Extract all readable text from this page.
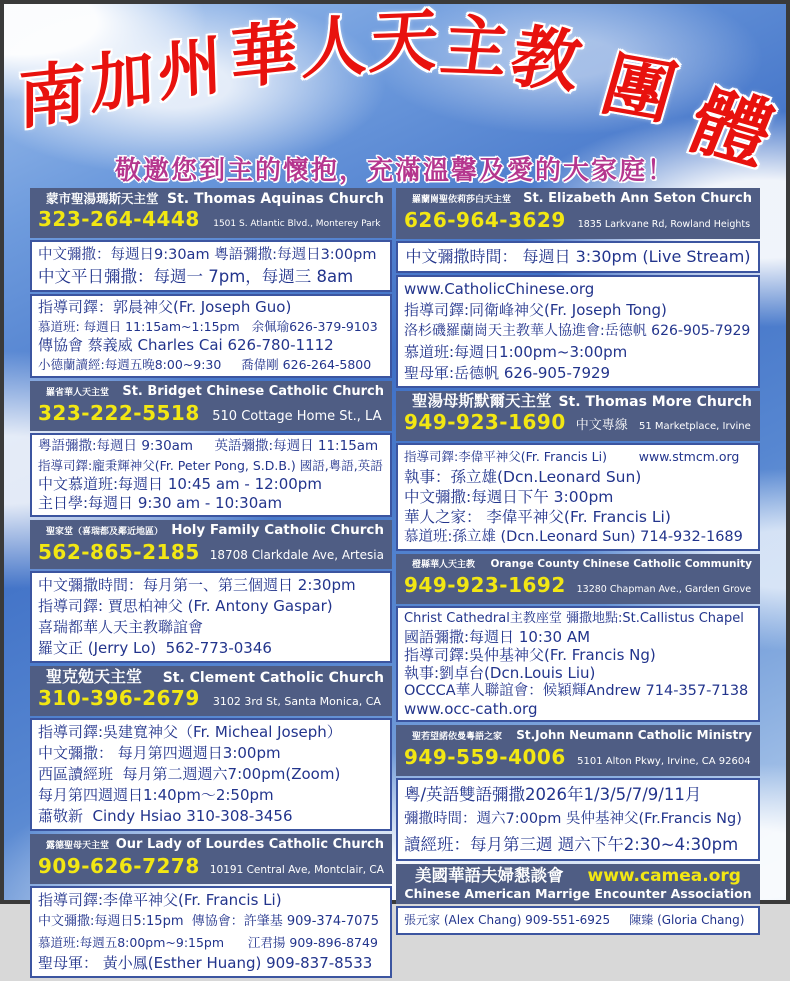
南 加 州 華 人
天
主
教 團
體
敬邀您到主的懷抱，充滿溫馨及愛的大家庭！
蒙市聖湯瑪斯天主堂 St. Thomas Aquinas Church
323-264-4448	1501 S. Atlantic Blvd., Monterey Park
中文彌撒：每週日9:30am 粵語彌撒:每週日3:00pm
中文平日彌撒：每週一 7pm，每週三 8am
指導司鐸：郭晨神父(Fr. Joseph Guo)
慕道班: 每週日 11:15am~1:15pm   余佩瑜626-379-9103
傳協會 蔡義威 Charles Cai 626-780-1112
小德蘭讀經:每週五晚8:00~9:30     喬偉剛 626-264-5800
羅省華人天主堂 St. Bridget Chinese Catholic Church
323-222-5518 510 Cottage Home St., LA
粵語彌撒:每週日 9:30am     英語彌撒:每週日 11:15am
指導司鐸:龐秉輝神父(Fr. Peter Pong, S.D.B.) 國語,粵語,英語
中文慕道班:每週日 10:45 am - 12:00pm
主日學:每週日 9:30 am - 10:30am
聖家堂（喜瑞都及鄰近地區） Holy Family Catholic Church
562-865-2185 18708 Clarkdale Ave, Artesia
中文彌撒時間：每月第一、第三個週日 2:30pm
指導司鐸: 賈思柏神父 (Fr. Antony Gaspar)
喜瑞都華人天主教聯誼會
羅文正 (Jerry Lo)  562-773-0346
聖克勉天主堂 St. Clement Catholic Church
310-396-2679 3102 3rd St, Santa Monica, CA
指導司鐸:吳建寬神父（Fr. Micheal Joseph）
中文彌撒： 每月第四週週日3:00pm
西區讀經班  每月第二週週六7:00pm(Zoom)
每月第四週週日1:40pm～2:50pm
蕭敬新  Cindy Hsiao 310-308-3456
露德聖母天主堂 Our Lady of Lourdes Catholic Church
909-626-7278 10191 Central Ave, Montclair, CA
指導司鐸:李偉平神父(Fr. Francis Li)
中文彌撒:每週日5:15pm  傳協會：許肇基 909-374-7075
慕道班:每週五8:00pm~9:15pm      江君揚 909-896-8749
聖母軍： 黃小鳳(Esther Huang) 909-837-8533
羅蘭崗聖依莉莎白天主堂 St. Elizabeth Ann Seton Church
626-964-3629 1835 Larkvane Rd, Rowland Heights
中文彌撒時間： 每週日 3:30pm (Live Stream)
www.CatholicChinese.org
指導司鐸:同衛峰神父(Fr. Joseph Tong)
洛杉磯羅蘭崗天主教華人協進會:岳德帆 626-905-7929
慕道班:每週日1:00pm~3:00pm
聖母軍:岳德帆 626-905-7929
聖湯母斯默爾天主堂 St. Thomas More Church
949-923-1690 中文專線 51 Marketplace, Irvine
指導司鐸:李偉平神父(Fr. Francis Li)        www.stmcm.org
執事：孫立雄(Dcn.Leonard Sun)
中文彌撒:每週日下午 3:00pm
華人之家： 李偉平神父(Fr. Francis Li)
慕道班:孫立雄 (Dcn.Leonard Sun) 714-932-1689
橙縣華人天主教 Orange County Chinese Catholic Community
949-923-1692 13280 Chapman Ave., Garden Grove
Christ Cathedral主教座堂 彌撒地點:St.Callistus Chapel
國語彌撒:每週日 10:30 AM
指導司鐸:吳仲基神父(Fr. Francis Ng)
執事:劉卓台(Dcn.Louis Liu)
OCCCA華人聯誼會：候穎輝Andrew 714-357-7138
www.occ-cath.org
聖若望諾依曼粵語之家 St.John Neumann Catholic Ministry
949-559-4006 5101 Alton Pkwy, Irvine, CA 92604
粵/英語雙語彌撒2026年1/3/5/7/9/11月
彌撒時間：週六7:00pm 吳仲基神父(Fr.Francis Ng)
讀經班：每月第三週 週六下午2:30~4:30pm
美國華語夫婦懇談會 www.camea.org
Chinese American Marrige Encounter Association
張元家 (Alex Chang) 909-551-6925     陳臻 (Gloria Chang)
